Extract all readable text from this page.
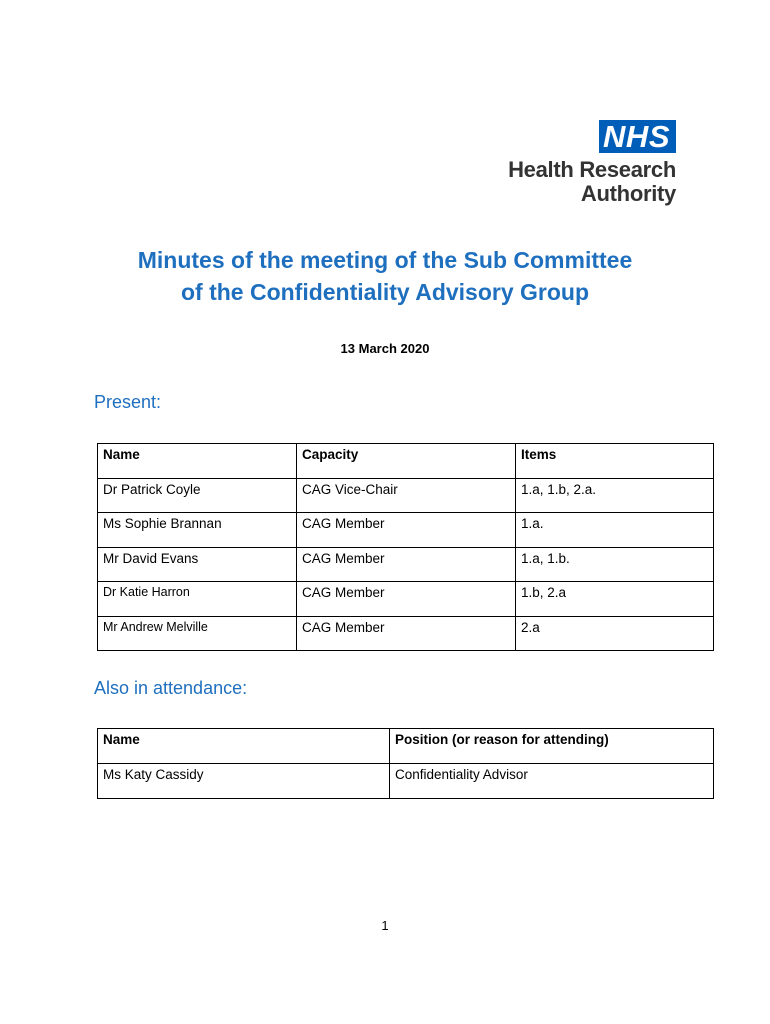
NHS
Health Research
Authority
Minutes of the meeting of the Sub Committee
of the Confidentiality Advisory Group
13 March 2020
Present:
Name	Capacity	Items
Dr Patrick Coyle	CAG Vice-Chair	1.a, 1.b, 2.a.
Ms Sophie Brannan	CAG Member	1.a.
Mr David Evans	CAG Member	1.a, 1.b.
Dr Katie Harron	CAG Member	1.b, 2.a
Mr Andrew Melville	CAG Member	2.a
Also in attendance:
Name	Position (or reason for attending)
Ms Katy Cassidy	Confidentiality Advisor
1
